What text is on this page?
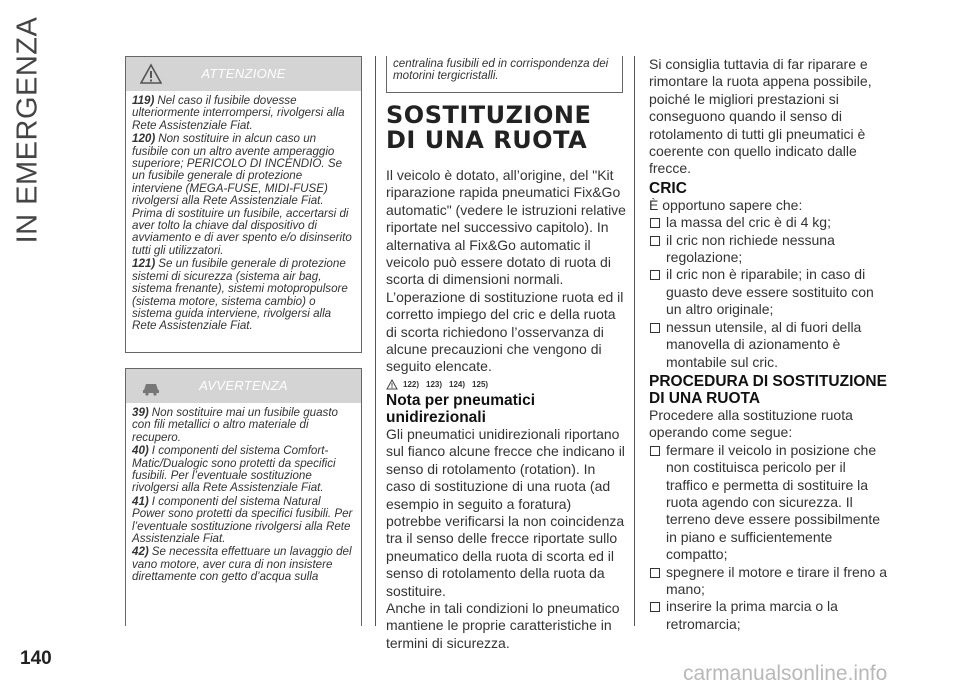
IN EMERGENZA	ATTENZIONE

119) Nel caso il fusibile dovesse ulteriormente interrompersi, rivolgersi alla Rete Assistenziale Fiat.

120) Non sostituire in alcun caso un fusibile con un altro avente amperaggio superiore; PERICOLO DI INCENDIO. Se un fusibile generale di protezione interviene (MEGA-FUSE, MIDI-FUSE) rivolgersi alla Rete Assistenziale Fiat. Prima di sostituire un fusibile, accertarsi di aver tolto la chiave dal dispositivo di avviamento e di aver spento e/o disinserito tutti gli utilizzatori.

121) Se un fusibile generale di protezione sistemi di sicurezza (sistema air bag, sistema frenante), sistemi motopropulsore (sistema motore, sistema cambio) o sistema guida interviene, rivolgersi alla Rete Assistenziale Fiat.

AVVERTENZA

39) Non sostituire mai un fusibile guasto con fili metallici o altro materiale di recupero.

40) I componenti del sistema Comfort-Matic/Dualogic sono protetti da specifici fusibili. Per l’eventuale sostituzione rivolgersi alla Rete Assistenziale Fiat.

41) I componenti del sistema Natural Power sono protetti da specifici fusibili. Per l’eventuale sostituzione rivolgersi alla Rete Assistenziale Fiat.

42) Se necessita effettuare un lavaggio del vano motore, aver cura di non insistere direttamente con getto d’acqua sulla

centralina fusibili ed in corrispondenza dei motorini tergicristalli.

SOSTITUZIONE DI UNA RUOTA

Il veicolo è dotato, all’origine, del "Kit riparazione rapida pneumatici Fix&Go automatic" (vedere le istruzioni relative riportate nel successivo capitolo). In alternativa al Fix&Go automatic il veicolo può essere dotato di ruota di scorta di dimensioni normali.

L’operazione di sostituzione ruota ed il corretto impiego del cric e della ruota di scorta richiedono l’osservanza di alcune precauzioni che vengono di seguito elencate.

122) 123) 124) 125)
Nota per pneumatici unidirezionali

Gli pneumatici unidirezionali riportano sul fianco alcune frecce che indicano il senso di rotolamento (rotation). In caso di sostituzione di una ruota (ad esempio in seguito a foratura) potrebbe verificarsi la non coincidenza tra il senso delle frecce riportate sullo pneumatico della ruota di scorta ed il senso di rotolamento della ruota da sostituire.

Anche in tali condizioni lo pneumatico mantiene le proprie caratteristiche in termini di sicurezza.

Si consiglia tuttavia di far riparare e rimontare la ruota appena possibile, poiché le migliori prestazioni si conseguono quando il senso di rotolamento di tutti gli pneumatici è coerente con quello indicato dalle frecce.

CRIC

È opportuno sapere che:

la massa del cric è di 4 kg;
il cric non richiede nessuna regolazione;
il cric non è riparabile; in caso di guasto deve essere sostituito con un altro originale;
nessun utensile, al di fuori della manovella di azionamento è montabile sul cric.
PROCEDURA DI SOSTITUZIONE DI UNA RUOTA

Procedere alla sostituzione ruota operando come segue:

fermare il veicolo in posizione che non costituisca pericolo per il traffico e permetta di sostituire la ruota agendo con sicurezza. Il terreno deve essere possibilmente in piano e sufficientemente compatto;
spegnere il motore e tirare il freno a mano;
inserire la prima marcia o la retromarcia;
140
carmanualsonline.info
